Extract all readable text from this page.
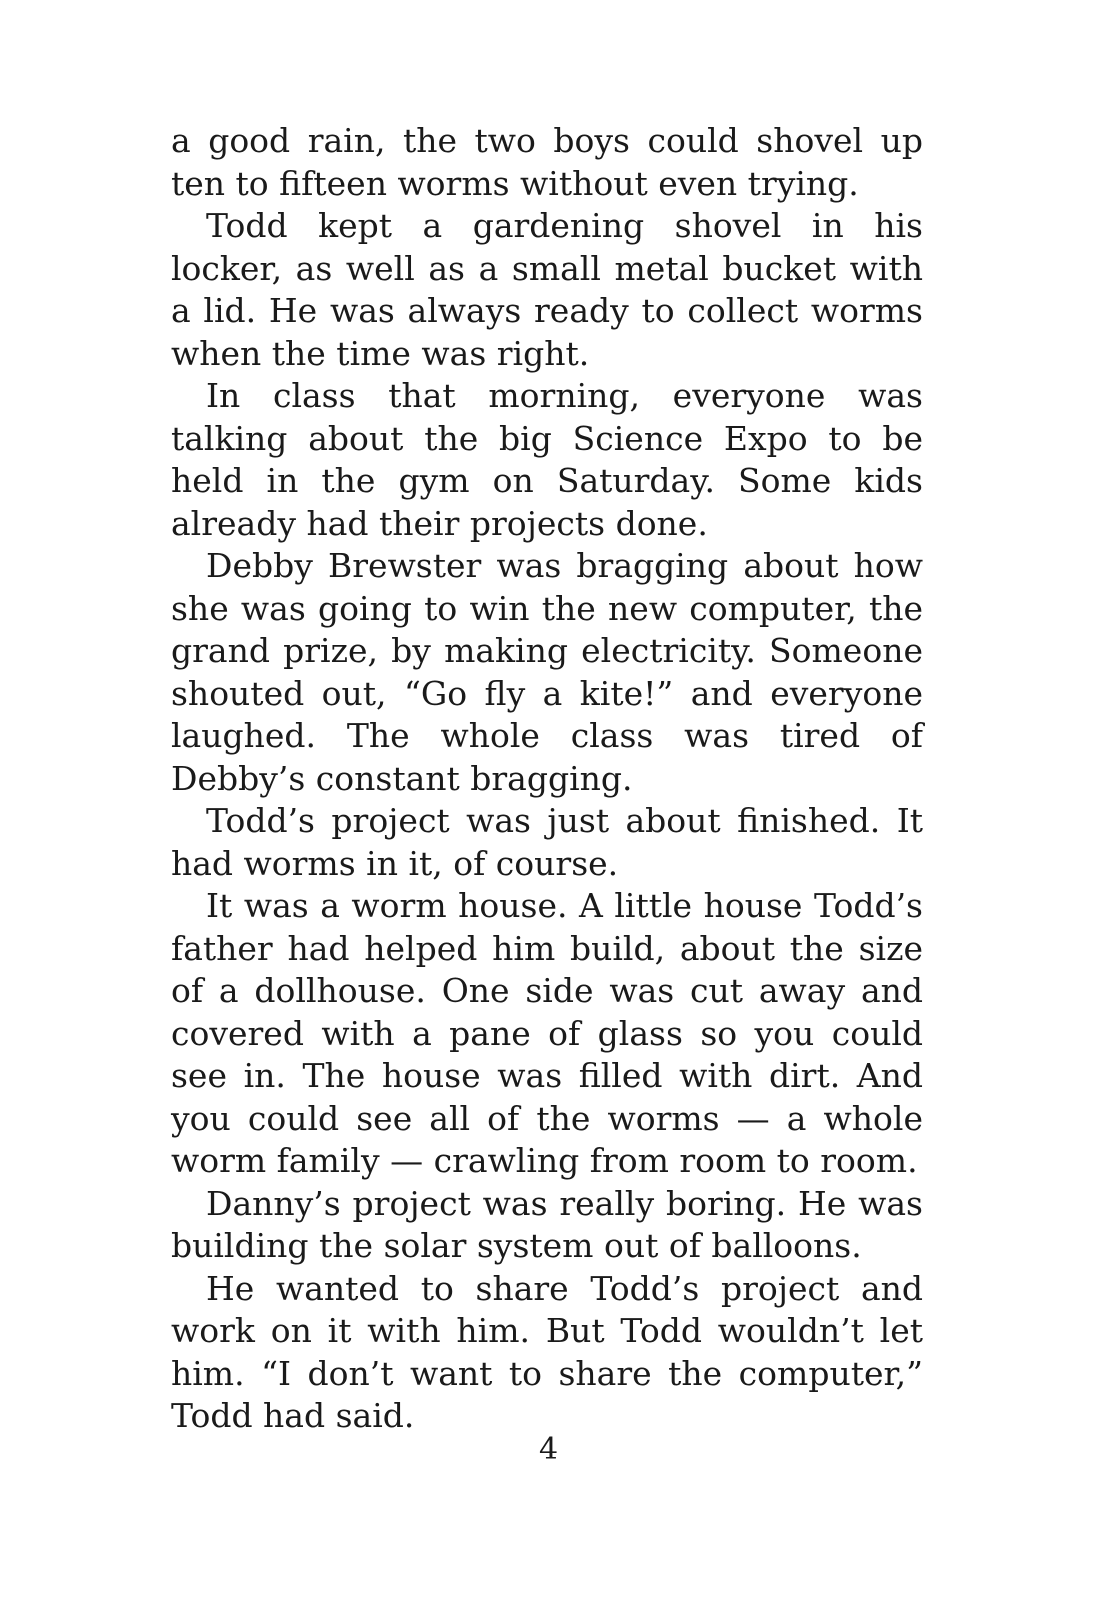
a good rain, the two boys could shovel up ten to fifteen worms without even trying.

Todd kept a gardening shovel in his locker, as well as a small metal bucket with a lid. He was always ready to collect worms when the time was right.

In class that morning, everyone was talking about the big Science Expo to be held in the gym on Saturday. Some kids already had their projects done.

Debby Brewster was bragging about how she was going to win the new computer, the grand prize, by making electricity. Someone shouted out, “Go fly a kite!” and everyone laughed. The whole class was tired of Debby’s constant bragging.

Todd’s project was just about finished. It had worms in it, of course.

It was a worm house. A little house Todd’s father had helped him build, about the size of a dollhouse. One side was cut away and covered with a pane of glass so you could see in. The house was filled with dirt. And you could see all of the worms — a whole worm family — crawling from room to room.

Danny’s project was really boring. He was building the solar system out of balloons.

He wanted to share Todd’s project and work on it with him. But Todd wouldn’t let him. “I don’t want to share the computer,” Todd had said.

4
